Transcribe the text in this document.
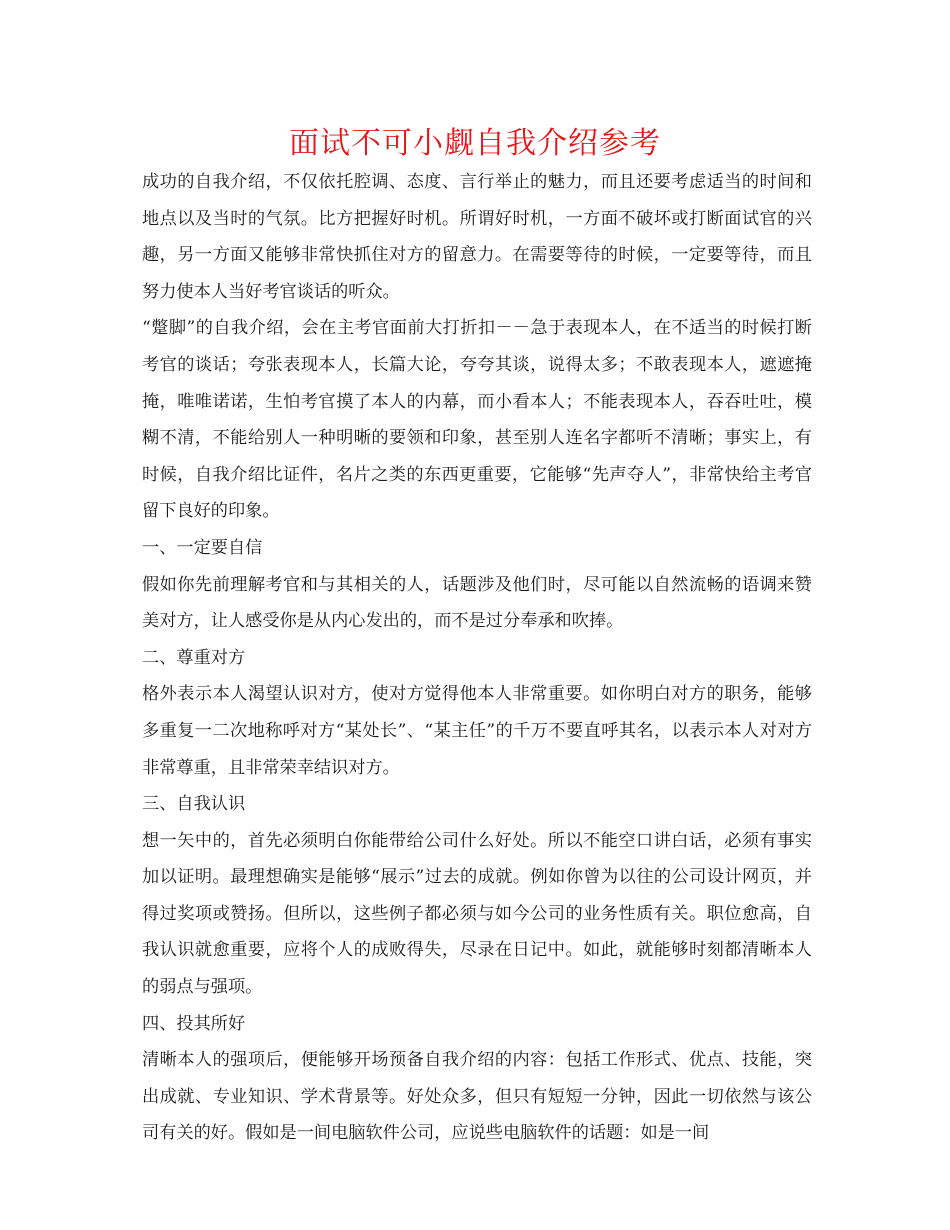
面试不可小觑自我介绍参考

成功的自我介绍，不仅依托腔调、态度、言行举止的魅力，而且还要考虑适当的时间和地点以及当时的气氛。比方把握好时机。所谓好时机，一方面不破坏或打断面试官的兴趣，另一方面又能够非常快抓住对方的留意力。在需要等待的时候，一定要等待，而且努力使本人当好考官谈话的听众。

“蹩脚”的自我介绍，会在主考官面前大打折扣－－急于表现本人，在不适当的时候打断考官的谈话；夸张表现本人，长篇大论，夸夸其谈，说得太多；不敢表现本人，遮遮掩掩，唯唯诺诺，生怕考官摸了本人的内幕，而小看本人；不能表现本人，吞吞吐吐，模糊不清，不能给别人一种明晰的要领和印象，甚至别人连名字都听不清晰；事实上，有时候，自我介绍比证件，名片之类的东西更重要，它能够“先声夺人”，非常快给主考官留下良好的印象。

一、一定要自信

假如你先前理解考官和与其相关的人，话题涉及他们时，尽可能以自然流畅的语调来赞美对方，让人感受你是从内心发出的，而不是过分奉承和吹捧。

二、尊重对方

格外表示本人渴望认识对方，使对方觉得他本人非常重要。如你明白对方的职务，能够多重复一二次地称呼对方“某处长”、“某主任”的千万不要直呼其名，以表示本人对对方非常尊重，且非常荣幸结识对方。

三、自我认识

想一矢中的，首先必须明白你能带给公司什么好处。所以不能空口讲白话，必须有事实加以证明。最理想确实是能够“展示”过去的成就。例如你曾为以往的公司设计网页，并得过奖项或赞扬。但所以，这些例子都必须与如今公司的业务性质有关。职位愈高，自我认识就愈重要，应将个人的成败得失，尽录在日记中。如此，就能够时刻都清晰本人的弱点与强项。

四、投其所好

清晰本人的强项后，便能够开场预备自我介绍的内容：包括工作形式、优点、技能，突出成就、专业知识、学术背景等。好处众多，但只有短短一分钟，因此一切依然与该公司有关的好。假如是一间电脑软件公司，应说些电脑软件的话题：如是一间
